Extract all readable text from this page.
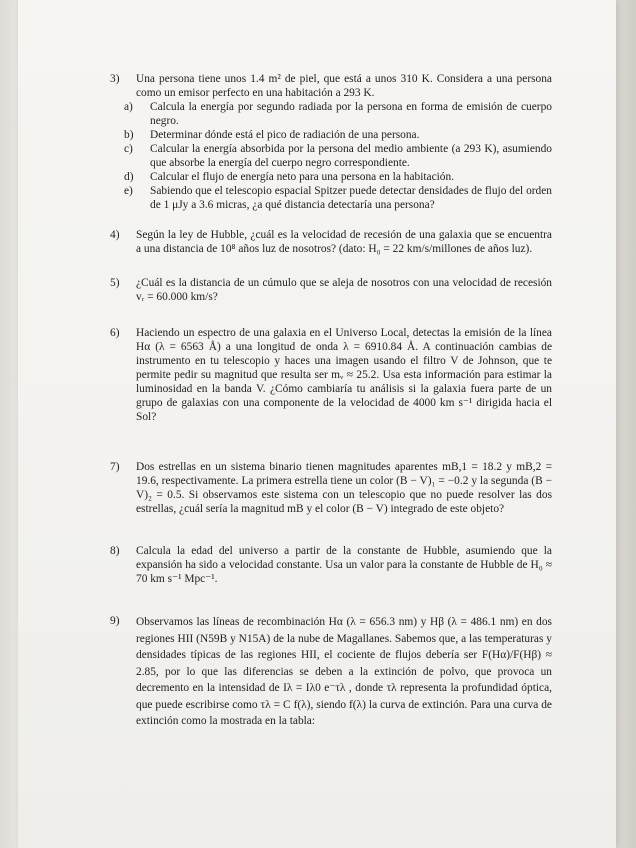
3) Una persona tiene unos 1.4 m² de piel, que está a unos 310 K. Considera a una persona como un emisor perfecto en una habitación a 293 K.

a) Calcula la energía por segundo radiada por la persona en forma de emisión de cuerpo negro.

b) Determinar dónde está el pico de radiación de una persona.

c) Calcular la energía absorbida por la persona del medio ambiente (a 293 K), asumiendo que absorbe la energía del cuerpo negro correspondiente.

d) Calcular el flujo de energía neto para una persona en la habitación.

e) Sabiendo que el telescopio espacial Spitzer puede detectar densidades de flujo del orden de 1 μJy a 3.6 micras, ¿a qué distancia detectaría una persona?

4) Según la ley de Hubble, ¿cuál es la velocidad de recesión de una galaxia que se encuentra a una distancia de 10⁸ años luz de nosotros? (dato: H₀ = 22 km/s/millones de años luz).

5) ¿Cuál es la distancia de un cúmulo que se aleja de nosotros con una velocidad de recesión vᵣ = 60.000 km/s?

6) Haciendo un espectro de una galaxia en el Universo Local, detectas la emisión de la línea Hα (λ = 6563 Å) a una longitud de onda λ = 6910.84 Å. A continuación cambias de instrumento en tu telescopio y haces una imagen usando el filtro V de Johnson, que te permite pedir su magnitud que resulta ser mᵥ ≈ 25.2. Usa esta información para estimar la luminosidad en la banda V. ¿Cómo cambiaría tu análisis si la galaxia fuera parte de un grupo de galaxias con una componente de la velocidad de 4000 km s⁻¹ dirigida hacia el Sol?

7) Dos estrellas en un sistema binario tienen magnitudes aparentes mB,1 = 18.2 y mB,2 = 19.6, respectivamente. La primera estrella tiene un color (B − V)₁ = −0.2 y la segunda (B − V)₂ = 0.5. Si observamos este sistema con un telescopio que no puede resolver las dos estrellas, ¿cuál sería la magnitud mB y el color (B − V) integrado de este objeto?

8) Calcula la edad del universo a partir de la constante de Hubble, asumiendo que la expansión ha sido a velocidad constante. Usa un valor para la constante de Hubble de H₀ ≈ 70 km s⁻¹ Mpc⁻¹.

9) Observamos las líneas de recombinación Hα (λ = 656.3 nm) y Hβ (λ = 486.1 nm) en dos regiones HII (N59B y N15A) de la nube de Magallanes. Sabemos que, a las temperaturas y densidades típicas de las regiones HII, el cociente de flujos debería ser F(Hα)/F(Hβ) ≈ 2.85, por lo que las diferencias se deben a la extinción de polvo, que provoca un decremento en la intensidad de Iλ = Iλ0 e⁻τλ , donde τλ representa la profundidad óptica, que puede escribirse como τλ = C f(λ), siendo f(λ) la curva de extinción. Para una curva de extinción como la mostrada en la tabla:
